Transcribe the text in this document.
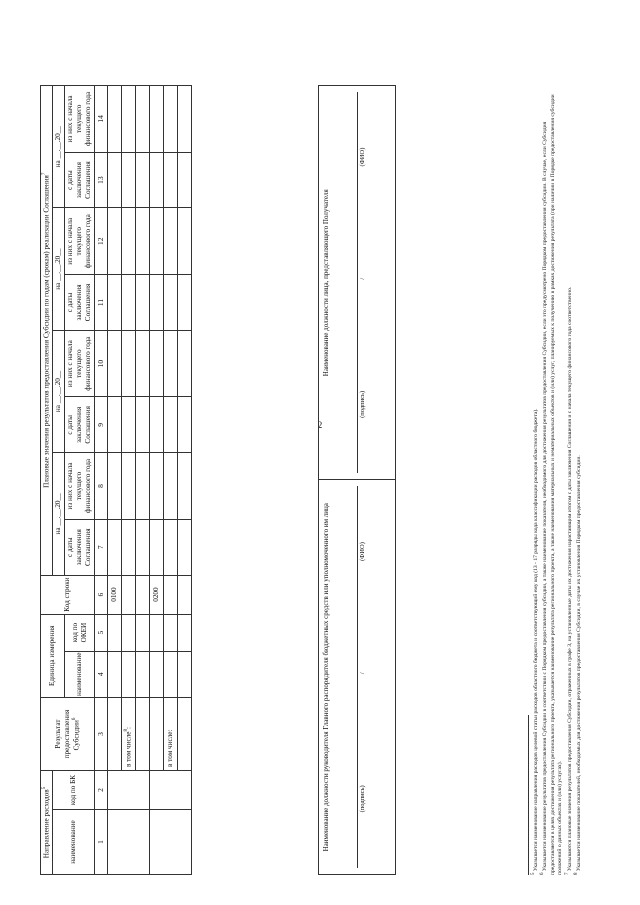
2
Направление расходов$^5$		Результат предоставления Субсидии$^6$	Единица измерения		Код строки	Плановые значения результатов предоставления Субсидии по годам (срокам) реализации Соглашения$^7$
наименование	код по БК					на __.__.20__		на __.__.20__		на __.__.20__		на __.__.20__	
			наименование	код по ОКЕИ		с даты заключения Соглашения	из них с начала текущего финансового года	с даты заключения Соглашения	из них с начала текущего финансового года	с даты заключения Соглашения	из них с начала текущего финансового года	с даты заключения Соглашения	из них с начала текущего финансового года
1	2	3	4	5	6	7	8	9	10	11	12	13	14
					0100								
		в том числе$^8$:											

					0200								
		в том числе:											
												Наименование должности руководителя Главного распорядителя бюджетных средств или уполномоченного им лица	(подпись)
/
(ФИО)

Наименование должности лица, представляющего Получателя
(подпись)
/
(ФИО)

$^5$ Указывается наименование направления расходов целевой статьи расходов областного бюджета и соответствующий ему код (13 - 17 разряды кода классификации расходов областного бюджета).

$^6$ Указывается наименование результатов предоставления Субсидии в соответствии с Порядком предоставления субсидии, а также наименование показателя, необходимого для достижения результатов предоставления Субсидии, если это предусмотрено Порядком предоставления субсидии. В случае, если Субсидия предоставляется в целях достижения результата регионального проекта, указывается наименование результата регионального проекта, а также наименования материальных и нематериальных объектов и (или) услуг, планируемых к получению в рамках достижения результата (при наличии в Порядке предоставления субсидии положений о данных объектах и (или) услугах). $^7$ Указываются плановые значения результатов предоставления Субсидии, отраженных в графе 3, на установленные даты их достижения нарастающим итогом с даты заключения Соглашения и с начала текущего финансового года соответственно.

$^8$ Указывается наименование показателей, необходимых для достижения результатов предоставления Субсидии, в случае их установления Порядком предоставления субсидии.
